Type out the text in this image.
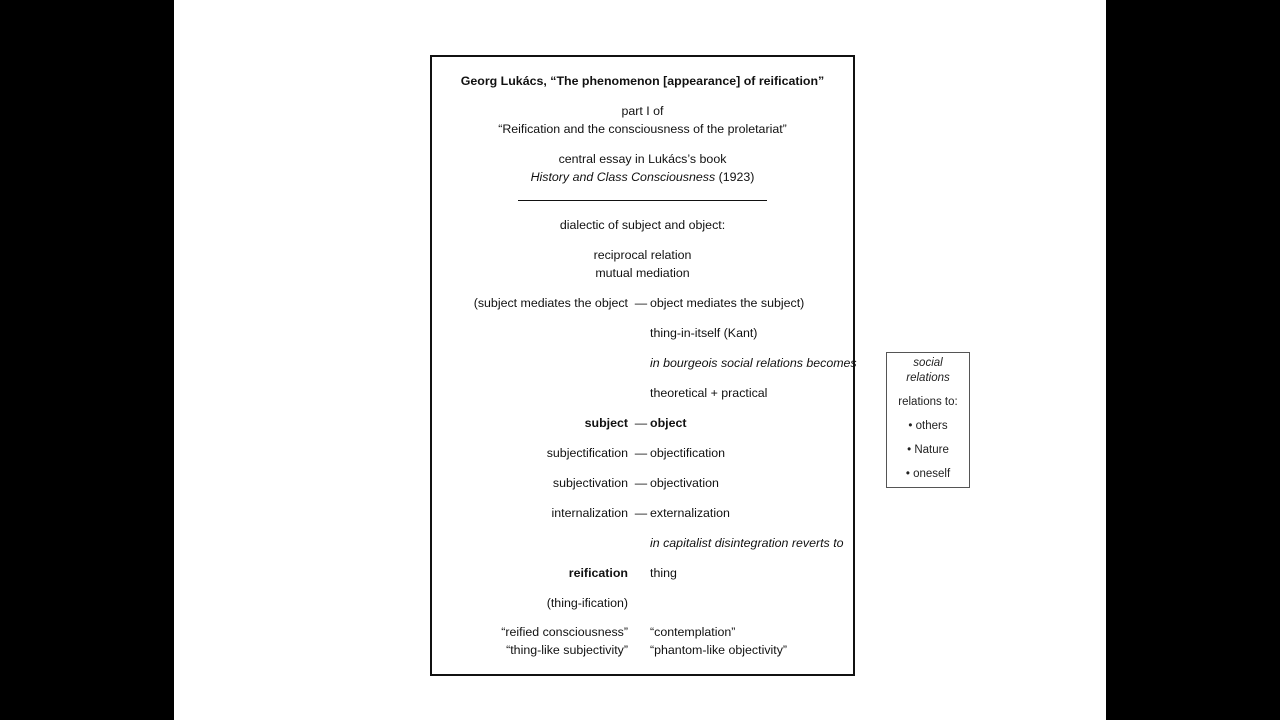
Georg Lukács, “The phenomenon [appearance] of reification”
part I of
“Reification and the consciousness of the proletariat”
central essay in Lukács’s book
History and Class Consciousness (1923)
dialectic of subject and object:
reciprocal relation
mutual mediation
(subject mediates the object — object mediates the subject)
thing-in-itself (Kant)
in bourgeois social relations becomes
theoretical + practical
subject — object
subjectification — objectification
subjectivation — objectivation
internalization — externalization
in capitalist disintegration reverts to
reification thing
(thing-ification)
“reified consciousness” “contemplation”
“thing-like subjectivity” “phantom-like objectivity”
social
relations
relations to:
• others
• Nature
• oneself
